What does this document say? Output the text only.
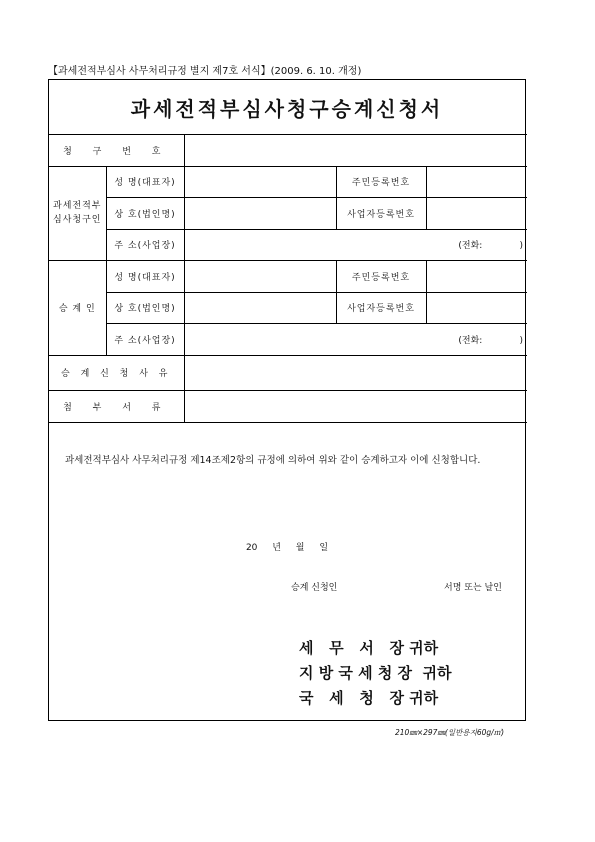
【과세전적부심사 사무처리규정 별지 제7호 서식】(2009. 6. 10. 개정)
과세전적부심사청구승계신청서
청 구 번 호				
과세전적부
심사청구인	성 명(대표자)		주민등록번호	
	상 호(법인명)		사업자등록번호	
	주 소(사업장)	(전화:             )		
승 계 인	성 명(대표자)		주민등록번호	
	상 호(법인명)		사업자등록번호	
	주 소(사업장)	(전화:             )		
승 계 신 청 사 유				
첨 부 서 류				
과세전적부심사 사무처리규정 제14조제2항의 규정에 의하여 위와 같이 승계하고자 이에 신청합니다.
20 년 월 일
승계 신청인	서명 또는 날인
세   무   서   장 귀하
지 방 국 세 청 장  귀하
국   세   청   장 귀하
210㎜×297㎜(일반용지60g/㎡)
